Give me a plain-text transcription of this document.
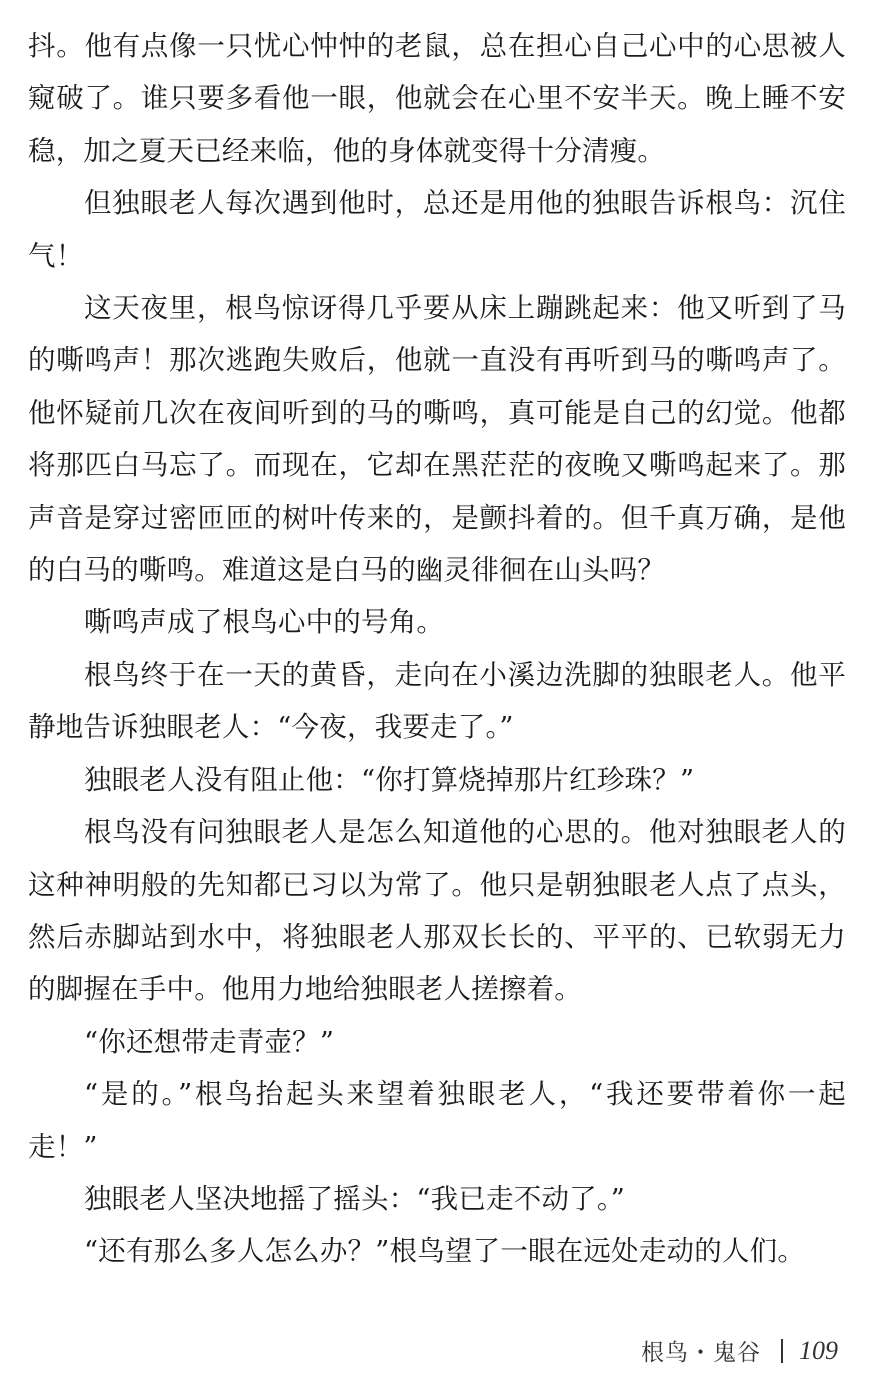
抖。他有点像一只忧心忡忡的老鼠，总在担心自己心中的心思被人窥破了。谁只要多看他一眼，他就会在心里不安半天。晚上睡不安稳，加之夏天已经来临，他的身体就变得十分清瘦。

但独眼老人每次遇到他时，总还是用他的独眼告诉根鸟：沉住气！

这天夜里，根鸟惊讶得几乎要从床上蹦跳起来：他又听到了马的嘶鸣声！那次逃跑失败后，他就一直没有再听到马的嘶鸣声了。他怀疑前几次在夜间听到的马的嘶鸣，真可能是自己的幻觉。他都将那匹白马忘了。而现在，它却在黑茫茫的夜晚又嘶鸣起来了。那声音是穿过密匝匝的树叶传来的，是颤抖着的。但千真万确，是他的白马的嘶鸣。难道这是白马的幽灵徘徊在山头吗？

嘶鸣声成了根鸟心中的号角。

根鸟终于在一天的黄昏，走向在小溪边洗脚的独眼老人。他平静地告诉独眼老人：“今夜，我要走了。”

独眼老人没有阻止他：“你打算烧掉那片红珍珠？”

根鸟没有问独眼老人是怎么知道他的心思的。他对独眼老人的这种神明般的先知都已习以为常了。他只是朝独眼老人点了点头，然后赤脚站到水中，将独眼老人那双长长的、平平的、已软弱无力的脚握在手中。他用力地给独眼老人搓擦着。

“你还想带走青壶？”

“是的。”根鸟抬起头来望着独眼老人，“我还要带着你一起走！”

独眼老人坚决地摇了摇头：“我已走不动了。”

“还有那么多人怎么办？”根鸟望了一眼在远处走动的人们。

根鸟・鬼谷 109
